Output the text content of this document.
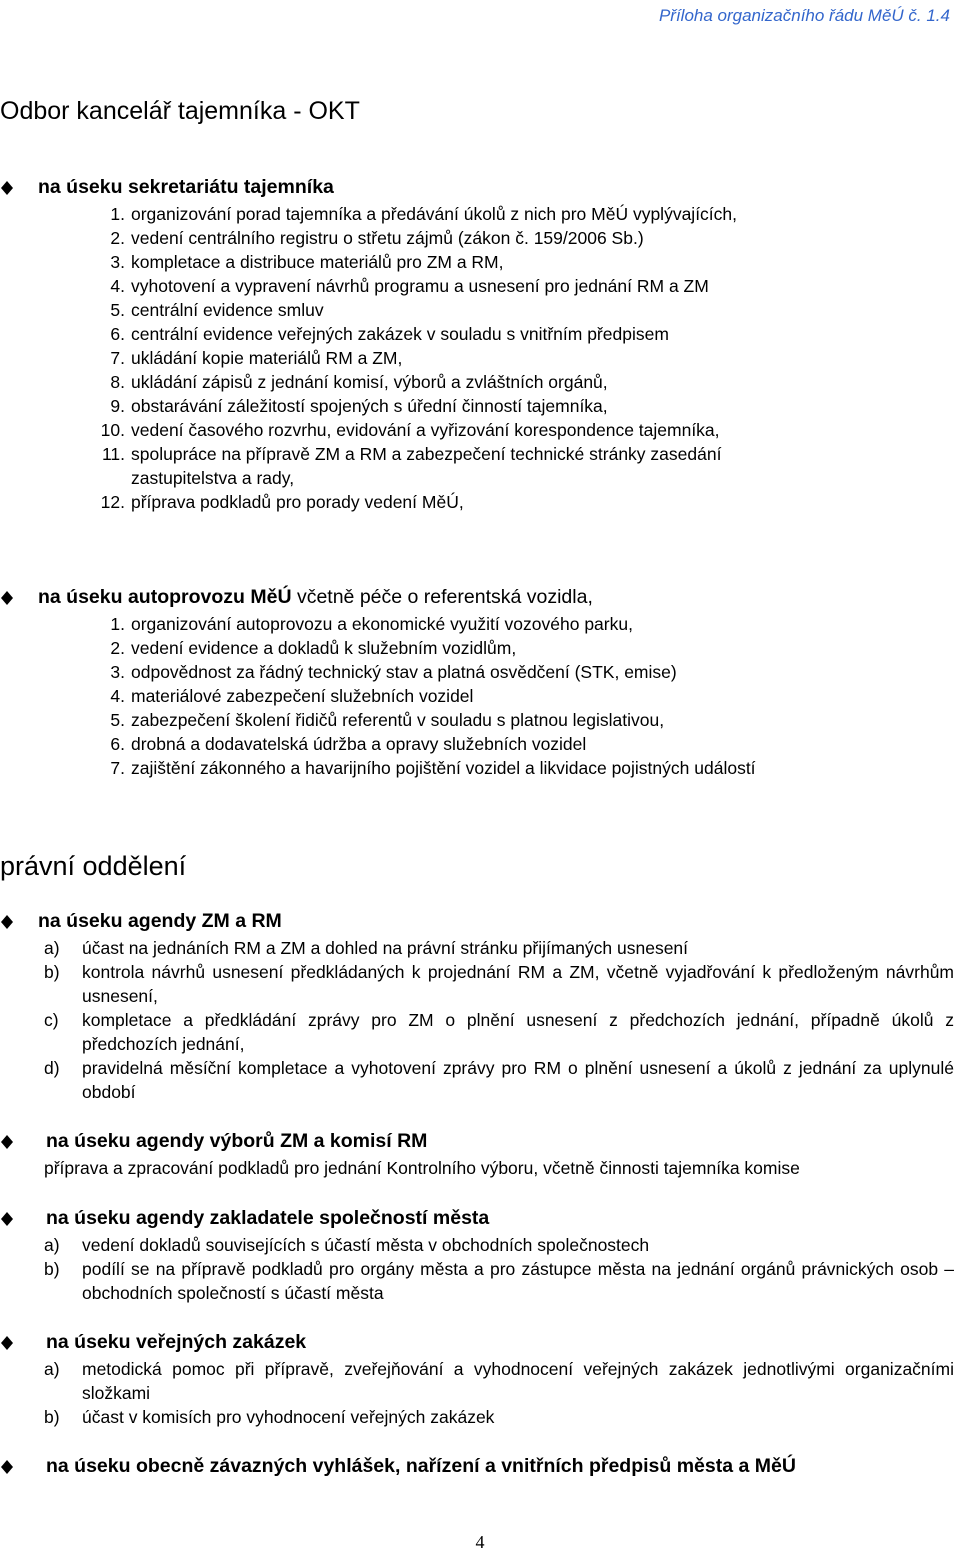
Příloha organizačního řádu MěÚ č. 1.4
Odbor kancelář tajemníka - OKT
na úseku sekretariátu tajemníka
1. organizování porad tajemníka a předávání úkolů z nich pro MěÚ vyplývajících,
2. vedení centrálního registru o střetu zájmů (zákon č. 159/2006 Sb.)
3. kompletace a distribuce materiálů pro ZM a RM,
4. vyhotovení a vypravení návrhů programu a usnesení pro jednání RM a ZM
5. centrální evidence smluv
6. centrální evidence veřejných zakázek v souladu s vnitřním předpisem
7. ukládání kopie materiálů RM a ZM,
8. ukládání zápisů z jednání komisí, výborů a zvláštních orgánů,
9. obstarávání záležitostí spojených s úřední činností tajemníka,
10. vedení časového rozvrhu, evidování a vyřizování korespondence tajemníka,
11. spolupráce na přípravě ZM a RM a zabezpečení technické stránky zasedání zastupitelstva a rady,
12. příprava podkladů pro porady vedení MěÚ,
na úseku autoprovozu MěÚ včetně péče o referentská vozidla,
1. organizování autoprovozu a ekonomické využití vozového parku,
2. vedení evidence a dokladů k služebním vozidlům,
3. odpovědnost za řádný technický stav a platná osvědčení (STK, emise)
4. materiálové zabezpečení služebních vozidel
5. zabezpečení školení řidičů referentů v souladu s platnou legislativou,
6. drobná a dodavatelská údržba a opravy služebních vozidel
7. zajištění zákonného a havarijního pojištění vozidel a likvidace pojistných událostí
právní oddělení
na úseku agendy ZM a RM
a) účast na jednáních RM a ZM a dohled na právní stránku přijímaných usnesení
b) kontrola návrhů usnesení předkládaných k projednání RM a ZM, včetně vyjadřování k předloženým návrhům usnesení,
c) kompletace a předkládání zprávy pro ZM o plnění usnesení z předchozích jednání, případně úkolů z předchozích jednání,
d) pravidelná měsíční kompletace a vyhotovení zprávy pro RM o plnění usnesení a úkolů z jednání za uplynulé období
na úseku agendy výborů ZM a komisí RM
příprava a zpracování podkladů pro jednání Kontrolního výboru, včetně činnosti tajemníka komise
na úseku agendy zakladatele společností města
a) vedení dokladů souvisejících s účastí města v obchodních společnostech
b) podílí se na přípravě podkladů pro orgány města a pro zástupce města na jednání orgánů právnických osob – obchodních společností s účastí města
na úseku veřejných zakázek
a) metodická pomoc při přípravě, zveřejňování a vyhodnocení veřejných zakázek jednotlivými organizačními složkami
b) účast v komisích pro vyhodnocení veřejných zakázek
na úseku obecně závazných vyhlášek, nařízení a vnitřních předpisů města a MěÚ
4
